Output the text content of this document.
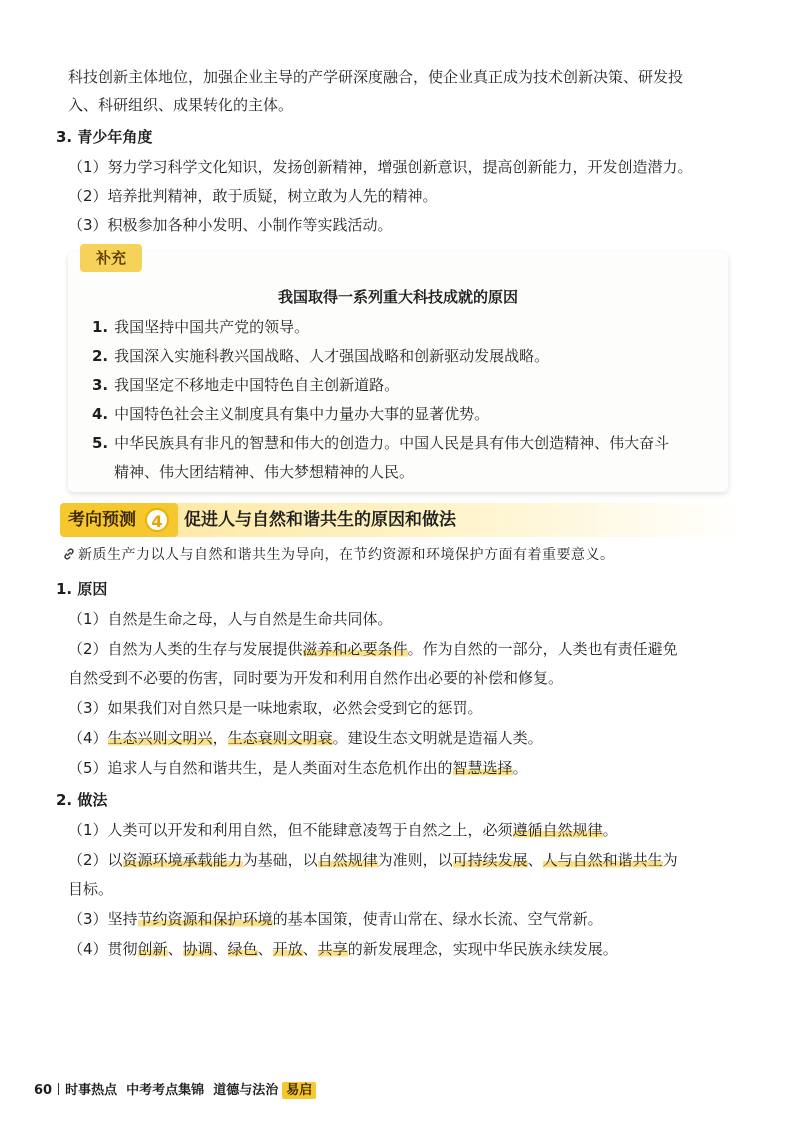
科技创新主体地位，加强企业主导的产学研深度融合，使企业真正成为技术创新决策、研发投
入、科研组织、成果转化的主体。
3. 青少年角度
（1）努力学习科学文化知识，发扬创新精神，增强创新意识，提高创新能力，开发创造潜力。
（2）培养批判精神，敢于质疑，树立敢为人先的精神。
（3）积极参加各种小发明、小制作等实践活动。
补充
我国取得一系列重大科技成就的原因
1. 我国坚持中国共产党的领导。
2. 我国深入实施科教兴国战略、人才强国战略和创新驱动发展战略。
3. 我国坚定不移地走中国特色自主创新道路。
4. 中国特色社会主义制度具有集中力量办大事的显著优势。
5. 中华民族具有非凡的智慧和伟大的创造力。中国人民是具有伟大创造精神、伟大奋斗
精神、伟大团结精神、伟大梦想精神的人民。
考向预测 4	促进人与自然和谐共生的原因和做法
新质生产力以人与自然和谐共生为导向，在节约资源和环境保护方面有着重要意义。
1. 原因
（1）自然是生命之母，人与自然是生命共同体。
（2）自然为人类的生存与发展提供滋养和必要条件。作为自然的一部分，人类也有责任避免
自然受到不必要的伤害，同时要为开发和利用自然作出必要的补偿和修复。
（3）如果我们对自然只是一味地索取，必然会受到它的惩罚。
（4）生态兴则文明兴，生态衰则文明衰。建设生态文明就是造福人类。
（5）追求人与自然和谐共生，是人类面对生态危机作出的智慧选择。
2. 做法
（1）人类可以开发和利用自然，但不能肆意凌驾于自然之上，必须遵循自然规律。
（2）以资源环境承载能力为基础，以自然规律为准则，以可持续发展、人与自然和谐共生为
目标。
（3）坚持节约资源和保护环境的基本国策，使青山常在、绿水长流、空气常新。
（4）贯彻创新、协调、绿色、开放、共享的新发展理念，实现中华民族永续发展。
60 时事热点 中考考点集锦 道德与法治 易启
